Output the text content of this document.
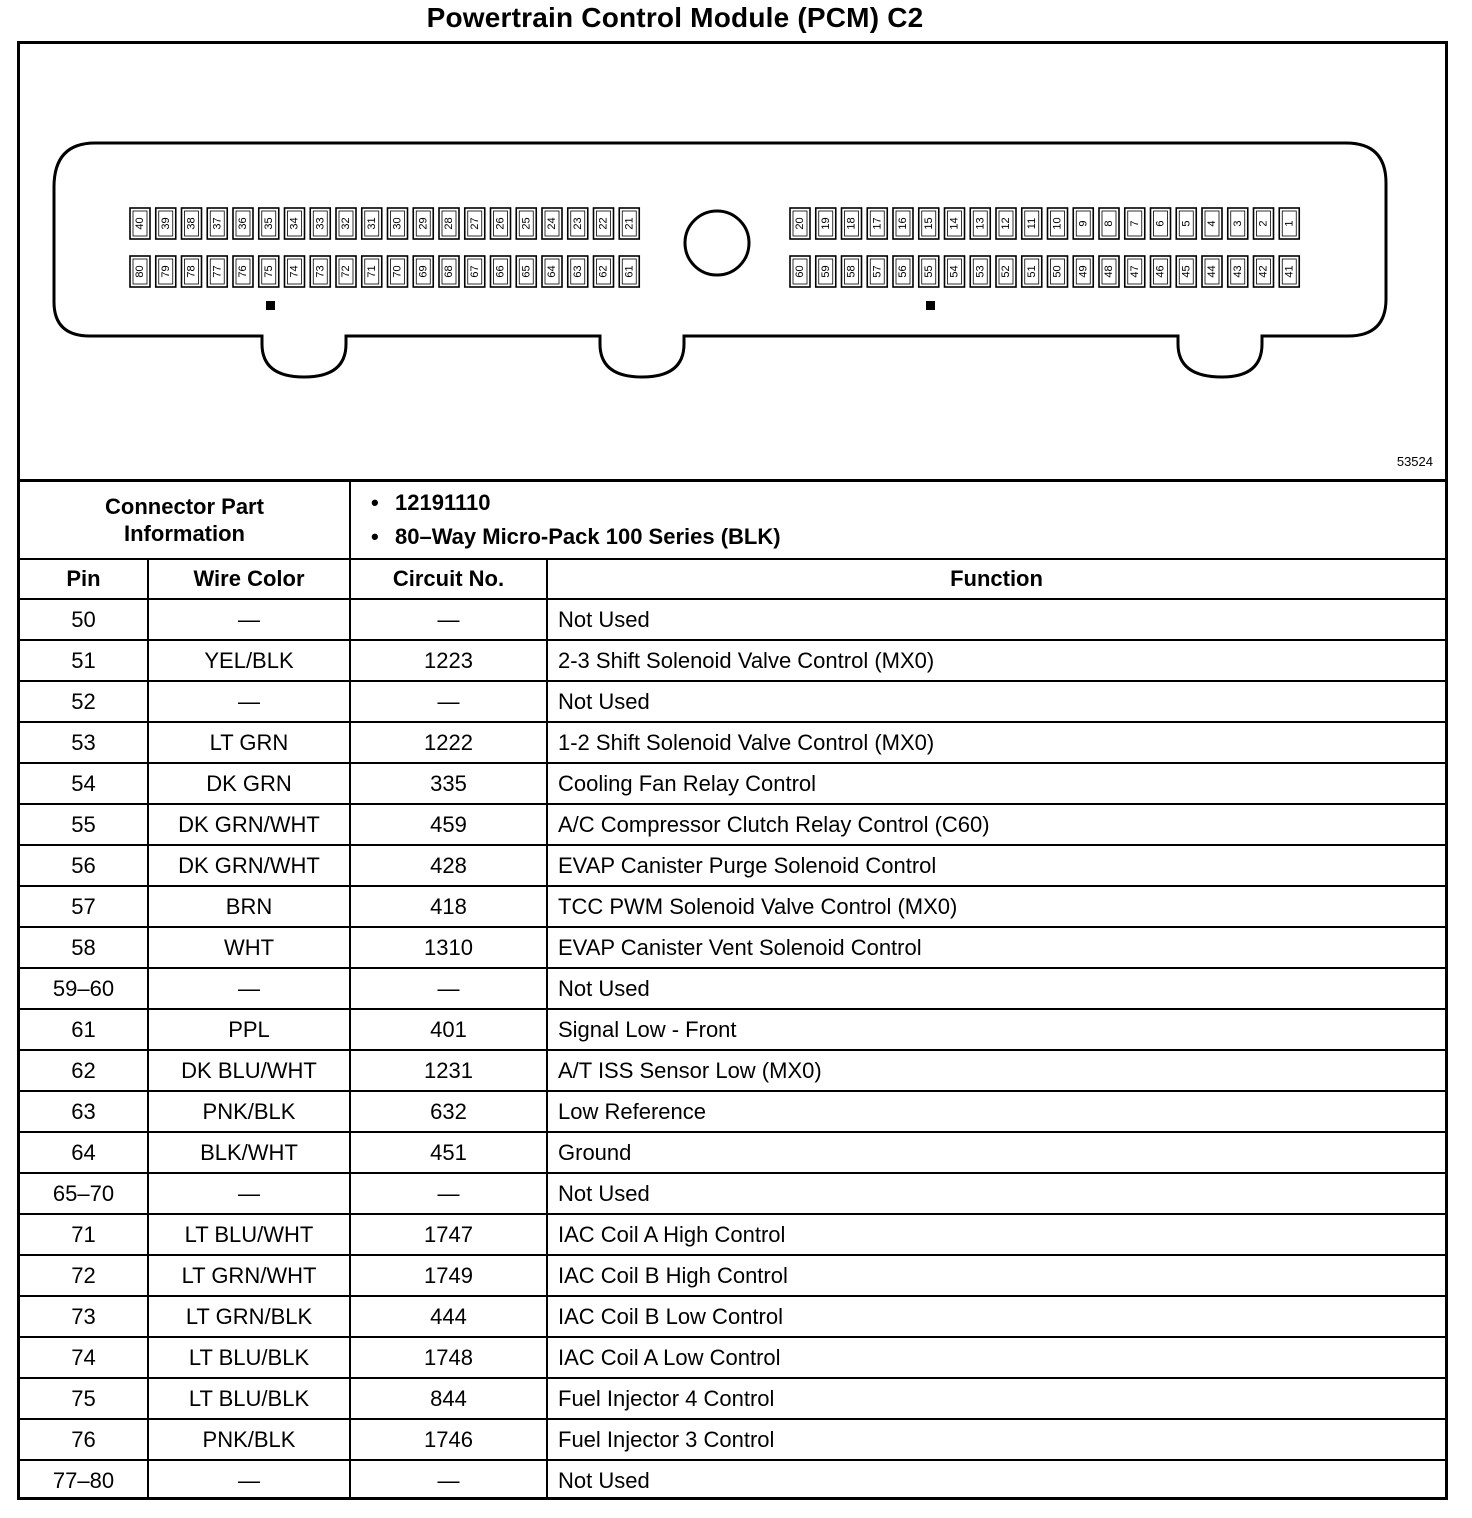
Powertrain Control Module (PCM) C2
40 39 38 37 36 35 34 33 32 31 30 29 28 27 26 25 24 23 22 21
80 79 78 77 76 75 74 73 72 71 70 69 68 67 66 65 64 63 62 61
20 19 18 17 16 15 14 13 12 11 10 9 8 7 6 5 4 3 2 1
60 59 58 57 56 55 54 53 52 51 50 49 48 47 46 45 44 43 42 41
53524
Connector Part Information		• 12191110
• 80–Way Micro-Pack 100 Series (BLK)

Pin	Wire Color	Circuit No.	Function
50	—	—	Not Used
51	YEL/BLK	1223	2-3 Shift Solenoid Valve Control (MX0)
52	—	—	Not Used
53	LT GRN	1222	1-2 Shift Solenoid Valve Control (MX0)
54	DK GRN	335	Cooling Fan Relay Control
55	DK GRN/WHT	459	A/C Compressor Clutch Relay Control (C60)
56	DK GRN/WHT	428	EVAP Canister Purge Solenoid Control
57	BRN	418	TCC PWM Solenoid Valve Control (MX0)
58	WHT	1310	EVAP Canister Vent Solenoid Control
59–60	—	—	Not Used
61	PPL	401	Signal Low - Front
62	DK BLU/WHT	1231	A/T ISS Sensor Low (MX0)
63	PNK/BLK	632	Low Reference
64	BLK/WHT	451	Ground
65–70	—	—	Not Used
71	LT BLU/WHT	1747	IAC Coil A High Control
72	LT GRN/WHT	1749	IAC Coil B High Control
73	LT GRN/BLK	444	IAC Coil B Low Control
74	LT BLU/BLK	1748	IAC Coil A Low Control
75	LT BLU/BLK	844	Fuel Injector 4 Control
76	PNK/BLK	1746	Fuel Injector 3 Control
77–80	—	—	Not Used
